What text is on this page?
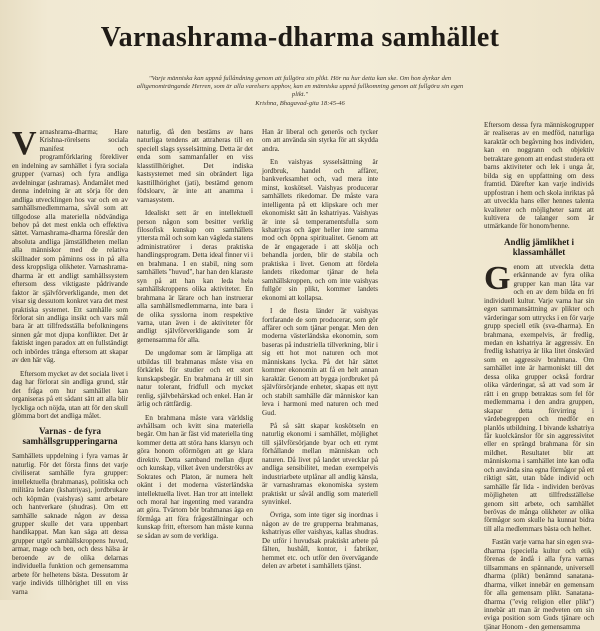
Varnashrama-dharma samhället
"Varje människa kan uppnå fullåndning genom att fullgöra sin plikt. Hör nu hur detta kan ske. Om hon dyrkar den alltgenomträngande Herren, som är alla varelsers upphov, kan en människa uppnå fullkomning genom att fullgöra sin egen plikt."
Krishna, Bhagavad-gita 18:45-46

Varnashrama-dharma; Hare Krishna-rörelsens sociala manifest och programförklaring förekliver en indelning av samhället i fyra sociala grupper (varnas) och fyra andliga avdelningar (ashramas). Ändamålet med denna indelning är att sörja för den andliga utvecklingen hos var och en av samhällsmedlemmarna, såväl som att tillgodose alla materiella nödvändiga behov på det mest enkla och effektiva sättet. Varnashrama-dharma föreslår den absoluta andliga jämställdheten mellan alla människor med de relativa skillnader som påminns oss in på alla dess kroppsliga olikheter. Varnashrama-dharma är ett andligt samhällssystem eftersom dess viktigaste pådrivande faktor är självförverkligande, men det visar sig dessutom konkret vara det mest praktiska systemet. Ett samhälle som förlorat sin andliga insikt och vars mål bara är att tillfredsställa befolkningens sinnen går mot djupa konflikter. Det är faktiskt ingen paradox att en fullständigt och inbördes tränga eftersom att skapar av den här väg.

Eftersom mycket av det sociala livet i dag har förlorat sin andliga grund, står det fråga om hur samhället kan organiseras på ett sådant sätt att alla blir lyckliga och nöjda, utan att för den skull glömma bort det andliga målet.

Varnas - de fyra samhällsgrupperingarna

Samhällets uppdelning i fyra varnas är naturlig. För det första finns det varje civiliserat samhälle fyra grupper: intellektuella (brahmanas), politiska och militära ledare (kshatriyas), jordbrukare och köpmän (vaishyas) samt arbetare och hantverkare (shudras). Om ett samhälle saknade någon av dessa grupper skulle det vara uppenbart handikappat. Man kan säga att dessa grupper utgör samhällskroppens huvud, armar, mage och ben, och dess hälsa är beroende av de olika delarnas individuella funktion och gemensamma arbete för helhetens bästa. Dessutom är varje individs tillhörighet till en viss varna

naturlig, då den bestäms av hans naturliga tendens att attraheras till en speciell slags sysselsättning. Detta är det enda som sammanfaller en viss klasstillhörighet. Det indiska kastsystemet med sin obrändert liga kasttillhörighet (jati), bestämd genom födsloarv, är inte att anamma i varnasystem.

Idealiskt sett är en intellektuell person någon som besitter verklig filosofisk kunskap om samhällets yttersta mål och som kan vägleda statens administratörer i deras praktiska handlingsprogram. Detta ideal finner vi i en brahmana. I en stabil, ning som samhällets "huvud", har han den klaraste syn på att han kan leda hela samhällskroppens olika aktiviteter. En brahmana är lärare och han instruerar alla samhällsmedlemmarna, inte bara i de olika sysslorna inom respektive varna, utan även i de aktiviteter för andligt självförverkligande som är gemensamma för alla.

De ungdomar som är lämpliga att utbildas till brahmanas måste visa en förkärlek för studier och ett stort kunskapsbegär. En brahmana är till sin natur tolerant, fridfull och mycket renlig, självbehärskad och enkel. Han är ärlig och rättfärdig.

En brahmana måste vara världslig avhållsam och kvitt sina materiella begär. Om han är fäst vid materiella ting kommer detta att störa hans klarsyn och göra honom oförmögen att ge klara direktiv. Detta samband mellan djupt och kunskap, vilket även underströks av Sokrates och Platon, är numera helt okänt i det moderna västerländska intellektuella livet. Han tror att intellekt och moral har ingenting med varandra att göra. Tvärtom bör brahmanas äga en förmåga att föra frågeställningar och kunskap fritt, eftersom han måste kunna se sådan av som de verkliga.

Han är liberal och generös och tycker om att använda sin styrka för att skydda andra.

En vaishyas sysselsättning är jordbruk, handel och affärer, bankverksamhet och, vad mera inte minst, koskötsel. Vaishyas producerar samhällets rikedomar. De måste vara intelligenta på ett klipskare och mer ekonomiskt sätt än kshatriyas. Vaishyas är inte så temperamentsfulla som kshatriyas och äger heller inte samma mod och öppna spiritualitet. Genom att de är engagerade i att skölja och behandla jorden, blir de stabila och praktiska i livet. Genom att fördela landets rikedomar tjänar de hela samhällskroppen, och om inte vaishyas fullgör sin plikt, kommer landets ekonomi att kollapsa.

I de flesta länder är vaishyas fortfarande de som producerar, som gör affärer och som tjänar pengar. Men den moderna västerländska ekonomin, som baseras på industriella tillverkning, blir i sig ett hot mot naturen och mot människans lycka. På det här sättet kommer ekonomin att få en helt annan karaktär. Genom att bygga jordbruket på självförsörjande enheter, skapas ett nytt och stabilt samhälle där människor kan leva i harmoni med naturen och med Gud.

På så sätt skapar koskötseln en naturlig ekonomi i samhället, möjlighet till självförsörjande byar och ett rymt förhållande mellan människan och naturen. Då livet på landet utvecklar på andliga sensibilitet, medan exempelvis industriarbete utplånar all andlig känsla, är varnashramas ekonomiska system praktiskt ur såväl andlig som materiell synvinkel.

Övriga, som inte tiger sig inordnas i någon av de tre grupperna brahmanas, kshatriyas eller vaishyas, kallas shudras. De utför i huvudsak praktiskt arbete på fälten, hushåll, kontor, i fabriker, hemmet etc. och utför den övervägande delen av arbetet i samhällets tjänst.

Eftersom dessa fyra människogrupper är realiseras av en medföd, naturliga karaktär och begåvning hos individen, kan en noggrann och objektiv betraktare genom att endast studera ett barns aktiviteter och lek i unga år, bilda sig en uppfattning om dess framtid. Därefter kan varje individs uppfostran i hem och skola inriktas på att utveckla hans eller hennes talenta kvaliteter och möjligheter samt att kultivera de talanger som är utmärkande för honom/henne.

Andlig jämlikhet i klassamhället

Genom att utveckla detta erkännande av fyra olika grupper kan man låta var och en av dem bilda en fri individuell kultur. Varje varna har sin egen sammansättning av plikter och värderingar som uttrycks i en för varje grupp speciell etik (sva-dharma). En brahmana, exempelvis, är fredlig, medan en kshatriya är aggressiv. En fredlig kshatriya är lika litet önskvärd som en aggressiv brahmana. Om samhället inte är harmoniskt till det dessa olika grupper också fordrar olika värderingar, så att vad som är rätt i en grupp betraktas som fel för medlemmarna i den andra gruppen, skapar detta förvirring i värdebegreppen och medför en planlös utbildning. I bivande kshatriya får kuolckänslor för sin aggressivitet eller en sprängd brahmana för sin mildhet. Resultatet blir att människorna i samhället inte kan odla och använda sina egna förmågor på ett riktigt sätt, utan både individ och samhälle får lida - individen berövas möjligheten att tillfredsställelse genom sitt arbete, och samhället berövas de många olikheter av olika förmågor som skulle ha kunnat bidra till alla medlemmars bästa och helhet.

Fastän varje varna har sin egen sva-dharma (speciella kultur och etik) förenas de ändå i alla fyra varnas tillsammans en spännande, universell dharma (plikt) benämnd sanatana-dharma, vilket innebär en gemensam för alla gemensam plikt. Sanatana-dharma ("evig religion eller plikt") innebär att man är medveten om sin eviga position som Guds tjänare och tjänar Honom - den gemensamma
